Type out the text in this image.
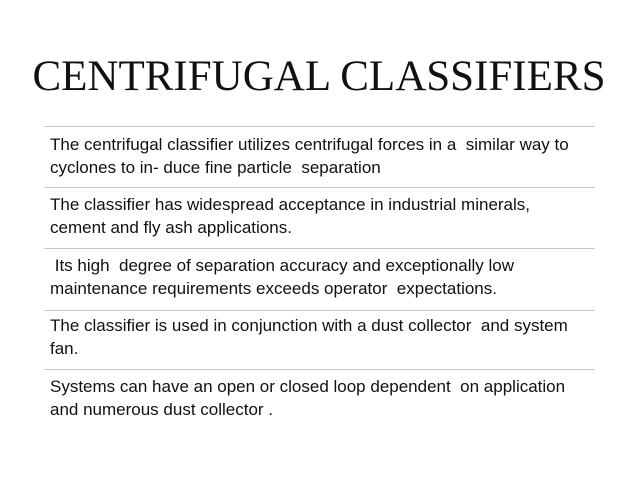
CENTRIFUGAL CLASSIFIERS
The centrifugal classifier utilizes centrifugal forces in a  similar way to cyclones to in- duce fine particle  separation
The classifier has widespread acceptance in industrial minerals, cement and fly ash applications.
Its high  degree of separation accuracy and exceptionally low maintenance requirements exceeds operator  expectations.
The classifier is used in conjunction with a dust collector  and system fan.
Systems can have an open or closed loop dependent  on application and numerous dust collector .
